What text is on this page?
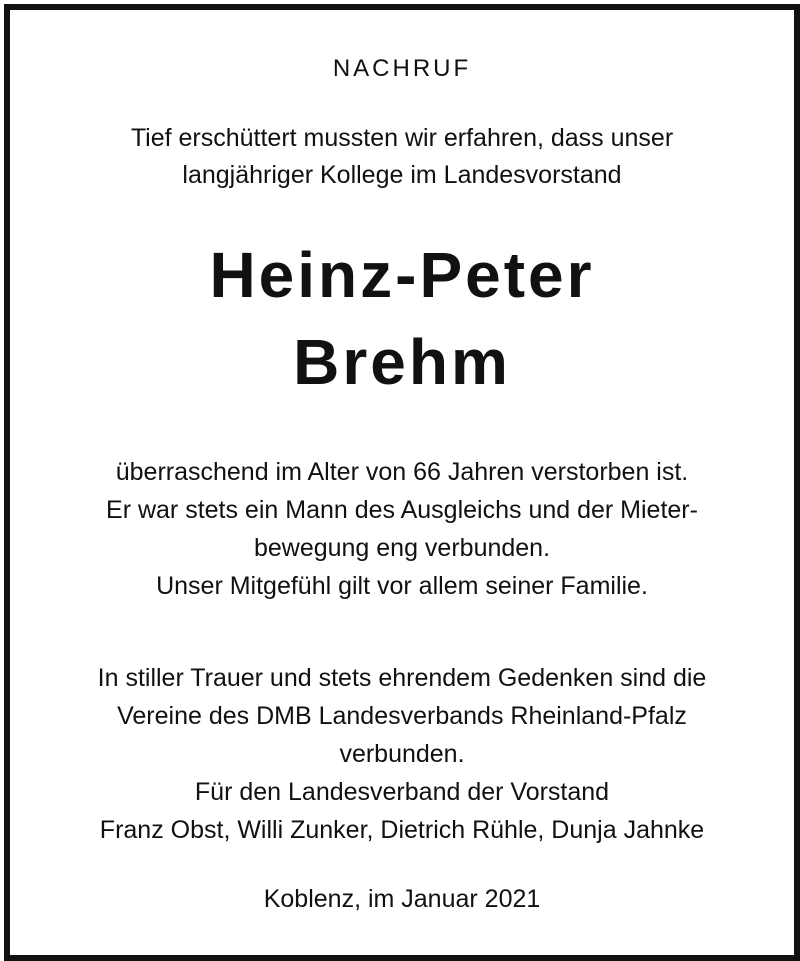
NACHRUF
Tief erschüttert mussten wir erfahren, dass unser
langjähriger Kollege im Landesvorstand
Heinz-Peter
Brehm
überraschend im Alter von 66 Jahren verstorben ist.
Er war stets ein Mann des Ausgleichs und der Mieter-
bewegung eng verbunden.
Unser Mitgefühl gilt vor allem seiner Familie.
In stiller Trauer und stets ehrendem Gedenken sind die
Vereine des DMB Landesverbands Rheinland-Pfalz
verbunden.
Für den Landesverband der Vorstand
Franz Obst, Willi Zunker, Dietrich Rühle, Dunja Jahnke
Koblenz, im Januar 2021
